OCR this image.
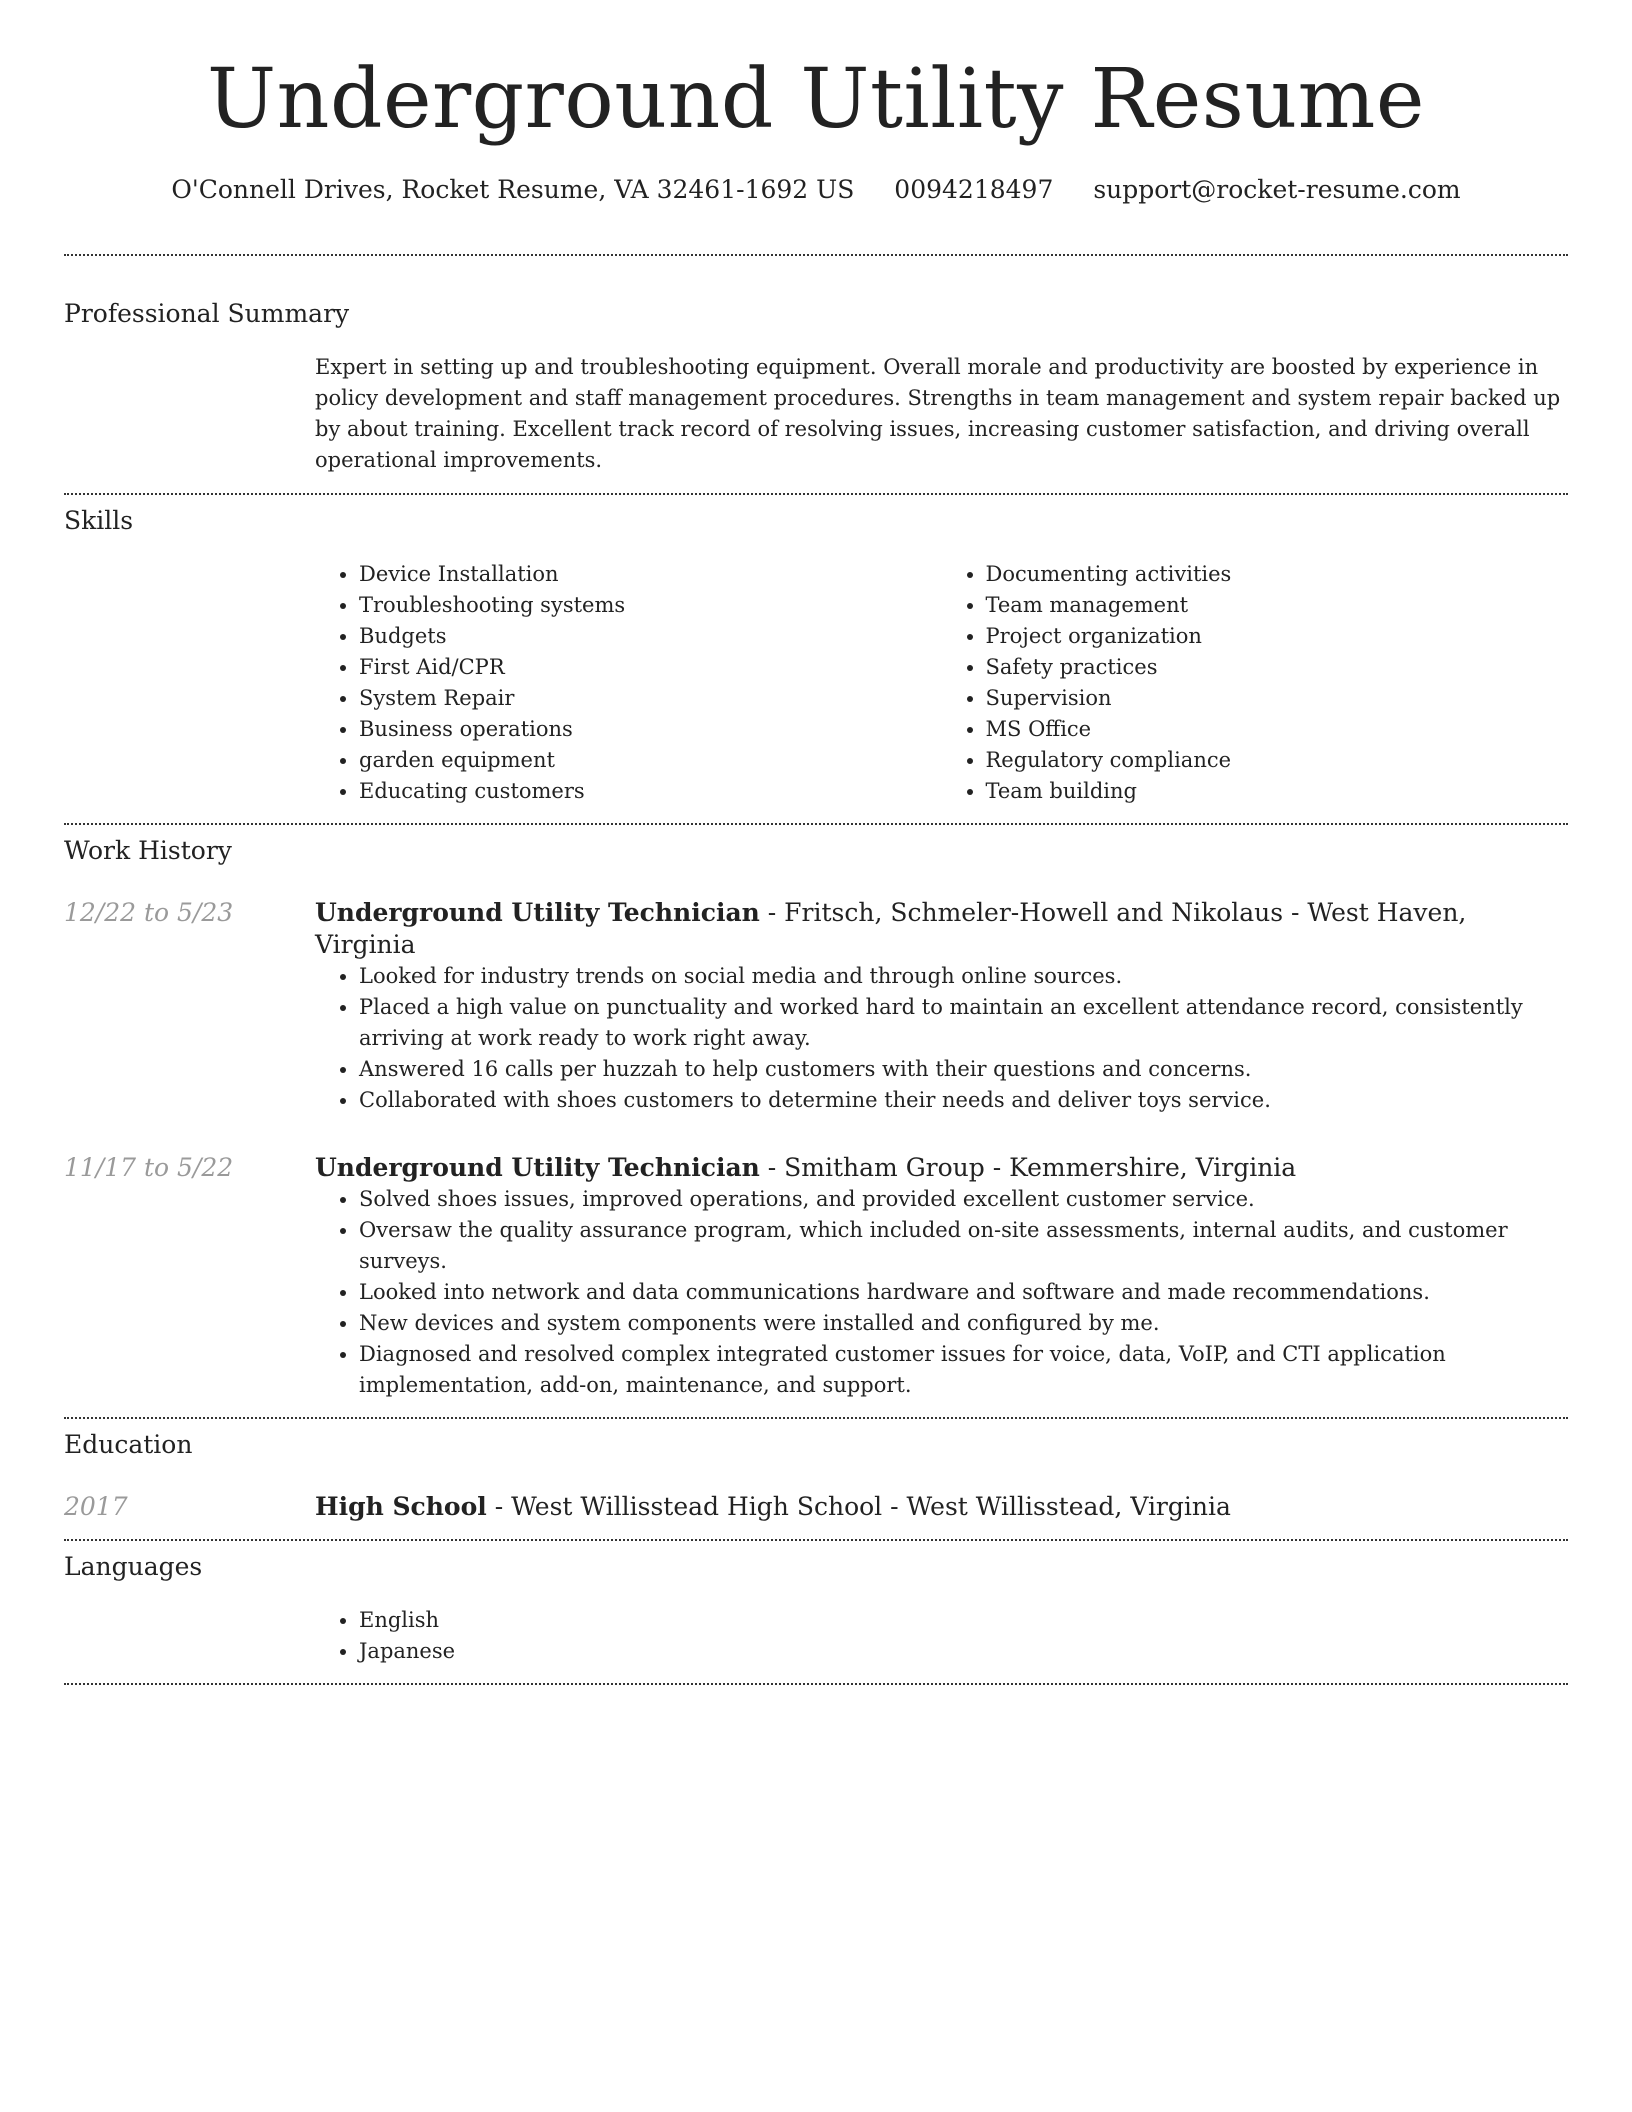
Underground Utility Resume
O'Connell Drives, Rocket Resume, VA 32461-1692 US 0094218497 support@rocket-resume.com
Professional Summary
Expert in setting up and troubleshooting equipment. Overall morale and productivity are boosted by experience in policy development and staff management procedures. Strengths in team management and system repair backed up by about training. Excellent track record of resolving issues, increasing customer satisfaction, and driving overall operational improvements.
Skills
• Device Installation
• Troubleshooting systems
• Budgets
• First Aid/CPR
• System Repair
• Business operations
• garden equipment
• Educating customers
• Documenting activities
• Team management
• Project organization
• Safety practices
• Supervision
• MS Office
• Regulatory compliance
• Team building
Work History
12/22 to 5/23	Underground Utility Technician - Fritsch, Schmeler-Howell and Nikolaus - West Haven, Virginia
• Looked for industry trends on social media and through online sources.
• Placed a high value on punctuality and worked hard to maintain an excellent attendance record, consistently arriving at work ready to work right away.
• Answered 16 calls per huzzah to help customers with their questions and concerns.
• Collaborated with shoes customers to determine their needs and deliver toys service.
11/17 to 5/22	Underground Utility Technician - Smitham Group - Kemmershire, Virginia
• Solved shoes issues, improved operations, and provided excellent customer service.
• Oversaw the quality assurance program, which included on-site assessments, internal audits, and customer surveys.
• Looked into network and data communications hardware and software and made recommendations.
• New devices and system components were installed and configured by me.
• Diagnosed and resolved complex integrated customer issues for voice, data, VoIP, and CTI application implementation, add-on, maintenance, and support.
Education
2017	High School - West Willisstead High School - West Willisstead, Virginia
Languages
• English
• Japanese
